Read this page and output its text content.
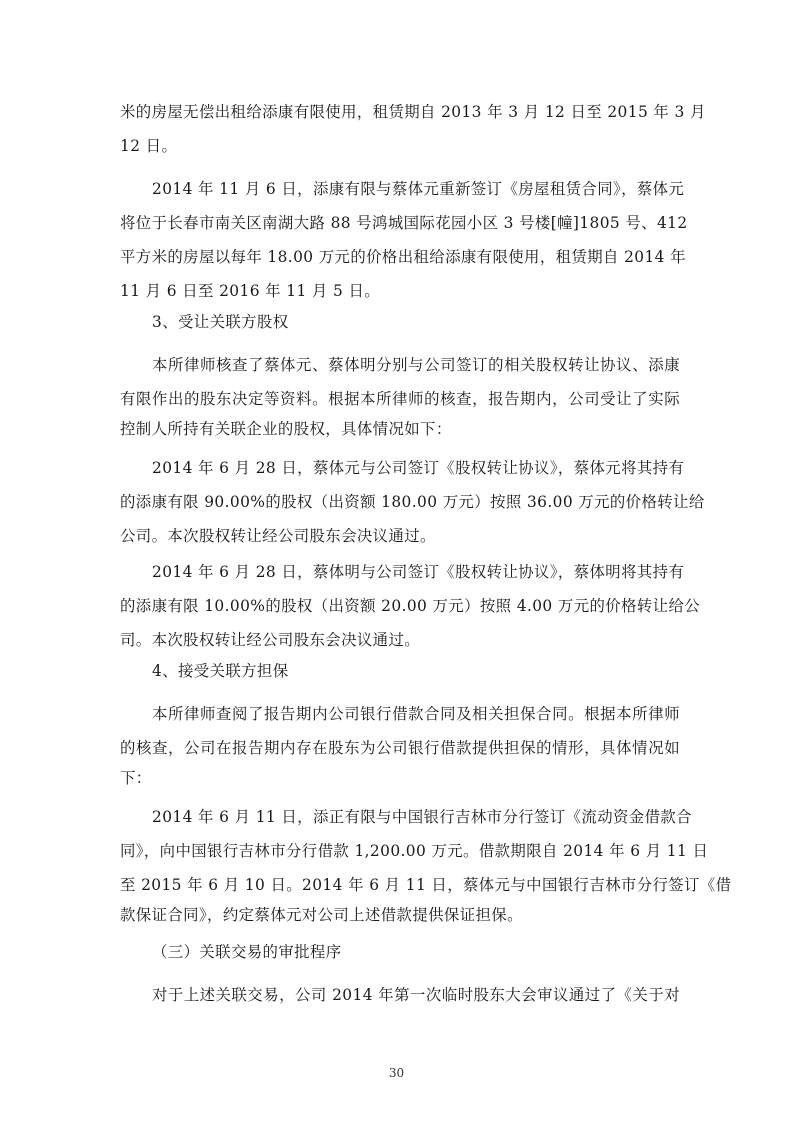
米的房屋无偿出租给添康有限使用，租赁期自 2013 年 3 月 12 日至 2015 年 3 月
12 日。
2014 年 11 月 6 日，添康有限与蔡体元重新签订《房屋租赁合同》，蔡体元
将位于长春市南关区南湖大路 88 号鸿城国际花园小区 3 号楼[幢]1805 号、412
平方米的房屋以每年 18.00 万元的价格出租给添康有限使用，租赁期自 2014 年
11 月 6 日至 2016 年 11 月 5 日。
3、受让关联方股权
本所律师核查了蔡体元、蔡体明分别与公司签订的相关股权转让协议、添康
有限作出的股东决定等资料。根据本所律师的核查，报告期内，公司受让了实际
控制人所持有关联企业的股权，具体情况如下：
2014 年 6 月 28 日，蔡体元与公司签订《股权转让协议》，蔡体元将其持有
的添康有限 90.00%的股权（出资额 180.00 万元）按照 36.00 万元的价格转让给
公司。本次股权转让经公司股东会决议通过。
2014 年 6 月 28 日，蔡体明与公司签订《股权转让协议》，蔡体明将其持有
的添康有限 10.00%的股权（出资额 20.00 万元）按照 4.00 万元的价格转让给公
司。本次股权转让经公司股东会决议通过。
4、接受关联方担保
本所律师查阅了报告期内公司银行借款合同及相关担保合同。根据本所律师
的核查，公司在报告期内存在股东为公司银行借款提供担保的情形，具体情况如
下：
2014 年 6 月 11 日，添正有限与中国银行吉林市分行签订《流动资金借款合
同》，向中国银行吉林市分行借款 1,200.00 万元。借款期限自 2014 年 6 月 11 日
至 2015 年 6 月 10 日。2014 年 6 月 11 日，蔡体元与中国银行吉林市分行签订《借
款保证合同》，约定蔡体元对公司上述借款提供保证担保。
（三）关联交易的审批程序
对于上述关联交易，公司 2014 年第一次临时股东大会审议通过了《关于对
30
